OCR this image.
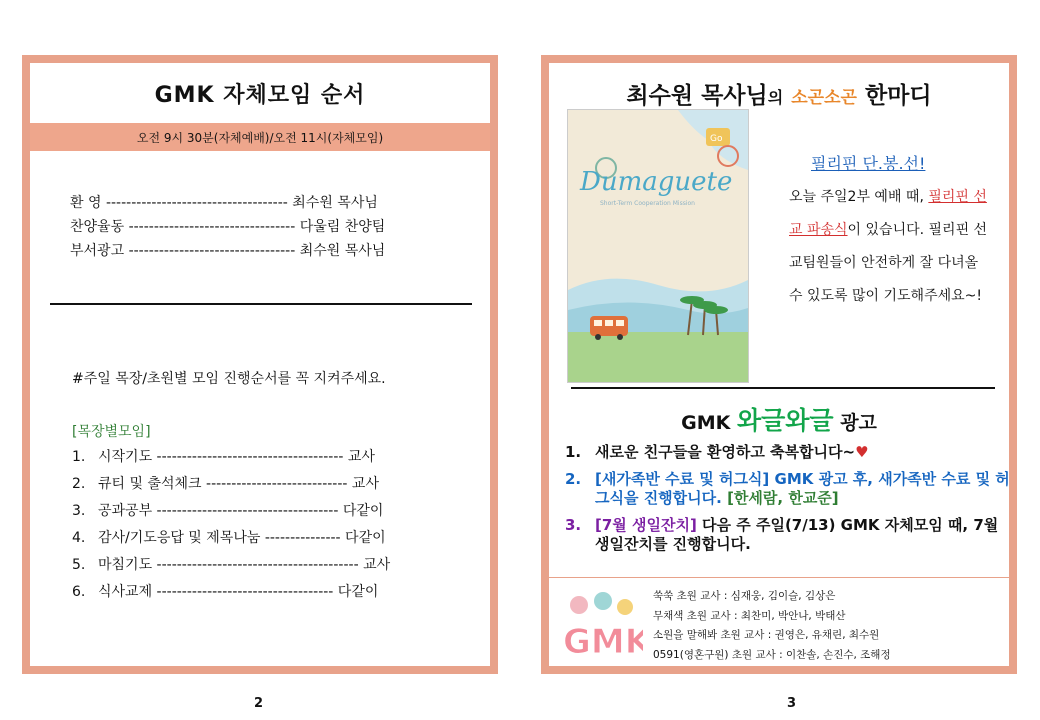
GMK 자체모임 순서
오전 9시 30분(자체예배)/오전 11시(자체모임)
환 영 ------------------------------------ 최수원 목사님
찬양율동 --------------------------------- 다울림 찬양팀
부서광고 --------------------------------- 최수원 목사님
#주일 목장/초원별 모임 진행순서를 꼭 지켜주세요.
[목장별모임]
1. 시작기도 ------------------------------------- 교사
2. 큐티 및 출석체크 ---------------------------- 교사
3. 공과공부 ------------------------------------ 다같이
4. 감사/기도응답 및 제목나눔 --------------- 다같이
5. 마침기도 ---------------------------------------- 교사
6. 식사교제 ----------------------------------- 다같이
2
최수원 목사님의 소곤소곤 한마디
Go
Dumaguete
Short-Term Cooperation Mission
필리핀 단.봉.선!
오늘 주일2부 예배 때, 필리핀 선교 파송식이 있습니다. 필리핀 선교팀원들이 안전하게 잘 다녀올 수 있도록 많이 기도해주세요~!
GMK 와글와글 광고
1. 새로운 친구들을 환영하고 축복합니다~♥
2. [새가족반 수료 및 허그식] GMK 광고 후, 새가족반 수료 및 허그식을 진행합니다. [한세람, 한교준]
3. [7월 생일잔치] 다음 주 주일(7/13) GMK 자체모임 때, 7월 생일잔치를 진행합니다.
GMK
쑥쑥 초원 교사 : 심재웅, 김이슬, 김상은
무채색 초원 교사 : 최찬미, 박안나, 박태산
소원을 말해봐 초원 교사 : 권영은, 유채린, 최수원
0591(영혼구원) 초원 교사 : 이찬솔, 손진수, 조해정
3
